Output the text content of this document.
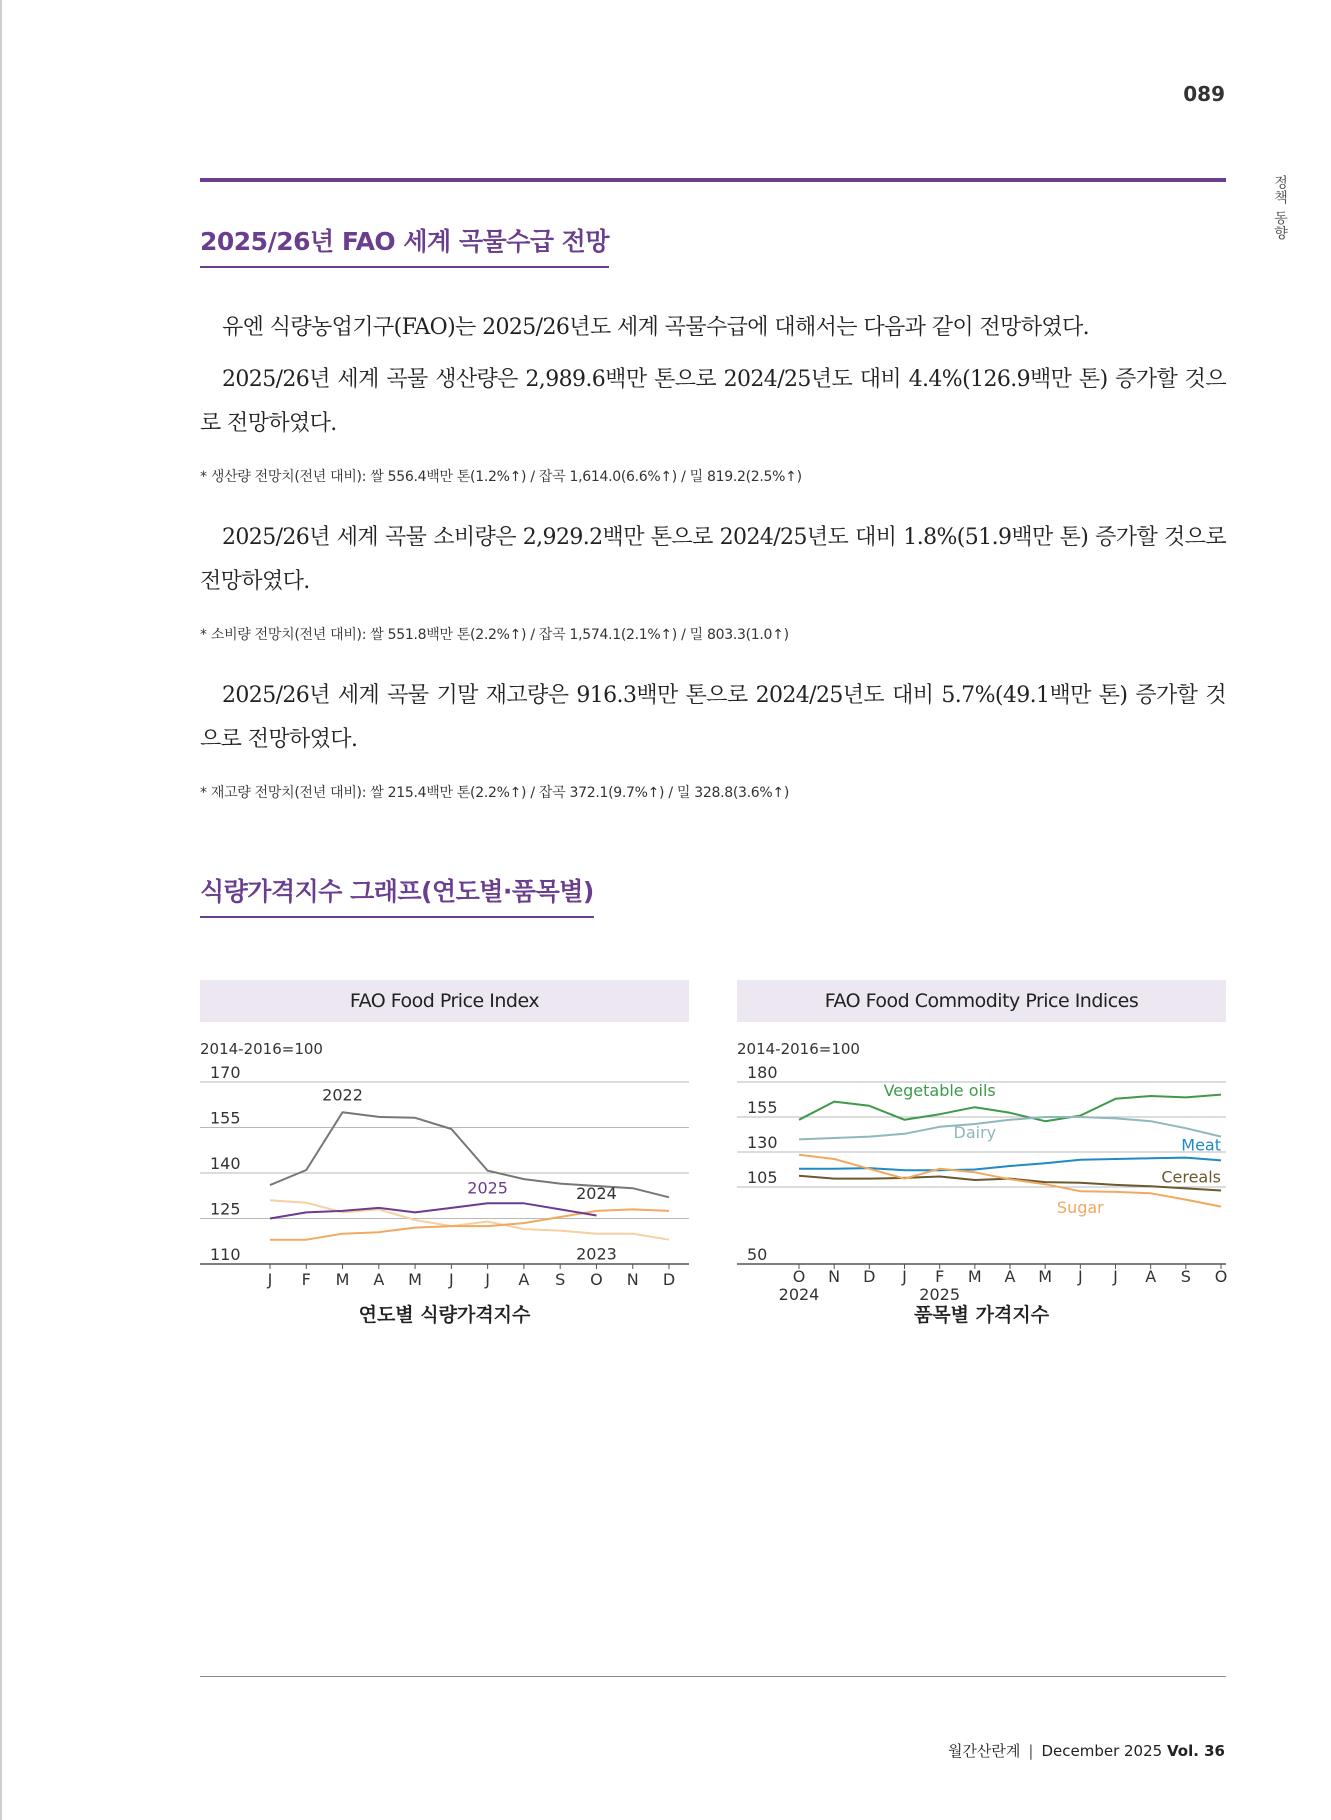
089
정책 동향
2025/26년 FAO 세계 곡물수급 전망

유엔 식량농업기구(FAO)는 2025/26년도 세계 곡물수급에 대해서는 다음과 같이 전망하였다.

2025/26년 세계 곡물 생산량은 2,989.6백만 톤으로 2024/25년도 대비 4.4%(126.9백만 톤) 증가할 것으로 전망하였다.

* 생산량 전망치(전년 대비): 쌀 556.4백만 톤(1.2%↑) / 잡곡 1,614.0(6.6%↑) / 밀 819.2(2.5%↑)

2025/26년 세계 곡물 소비량은 2,929.2백만 톤으로 2024/25년도 대비 1.8%(51.9백만 톤) 증가할 것으로 전망하였다.

* 소비량 전망치(전년 대비): 쌀 551.8백만 톤(2.2%↑) / 잡곡 1,574.1(2.1%↑) / 밀 803.3(1.0↑)

2025/26년 세계 곡물 기말 재고량은 916.3백만 톤으로 2024/25년도 대비 5.7%(49.1백만 톤) 증가할 것으로 전망하였다.

* 재고량 전망치(전년 대비): 쌀 215.4백만 톤(2.2%↑) / 잡곡 372.1(9.7%↑) / 밀 328.8(3.6%↑)
식량가격지수 그래프(연도별·품목별)
FAO Food Price Index
2014-2016=100
110
125
140
155
170
J F M A M J J A S O N D
2022
2023
2024
2025
연도별 식량가격지수
FAO Food Commodity Price Indices
2014-2016=100
50
105
130
155
180
O N D J F M A M J J A S O
2024	2025
Vegetable oils
Dairy
Meat
Cereals
Sugar
품목별 가격지수
월간산란계 | December 2025 Vol. 36
